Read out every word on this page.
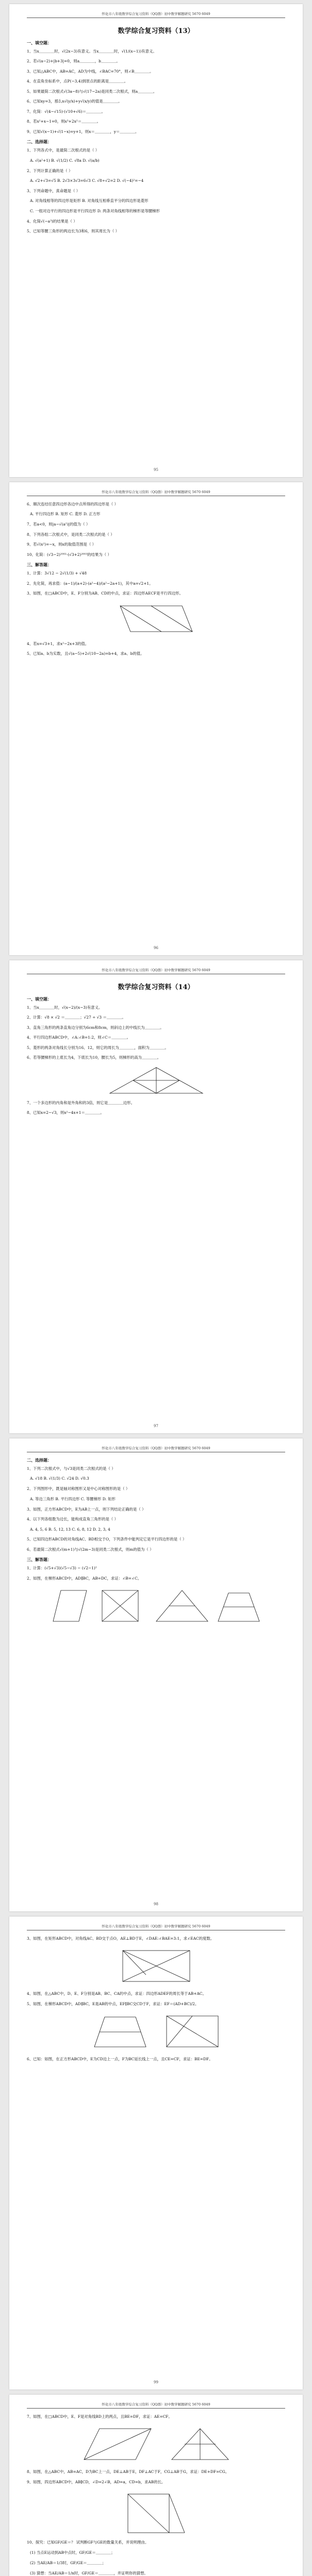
怀化市八年级数学综合复习资料（QQ群）初中数学解题研究 5670 6049
数学综合复习资料（13）
一、填空题：
1、当x＿＿＿＿时，√(2x−3)有意义。当x＿＿＿＿时，√(1/(x−1))有意义。
2、若√(a−2)+|b+3|=0，则a＿＿＿＿，b＿＿＿＿。
3、已知△ABC中，AB=AC，AD为中线，∠BAC=70°，则∠B＿＿＿＿。
4、在直角坐标系中，点P(−3,4)到原点的距离是＿＿＿＿。
5、如果最简二次根式√(3a−8)与√(17−2a)是同类二次根式，则a＿＿＿＿。
6、已知xy=3，那么x√(y/x)+y√(x/y)的值是＿＿＿＿。
7、化简：√(4−√15)·(√10+√6)＝＿＿＿＿。
8、若x²+x−1=0，则x³+2x²＝＿＿＿＿。
9、已知√(x−1)+√(1−x)=y+1，则x＝＿＿＿＿，y＝＿＿＿＿。
二、选择题：
1、下列各式中，是最简二次根式的是（ ）
A. √(a²+1) B. √(1/2) C. √8a D. √(a/b)
2、下列计算正确的是（ ）
A. √2+√3=√5 B. 2√3×3√3=6√3 C. √8÷√2=2 D. √(−4)²=−4
3、下列命题中，真命题是（ ）
A. 对角线相等的四边形是矩形 B. 对角线互相垂直平分的四边形是菱形
C. 一组对边平行的四边形是平行四边形 D. 两条对角线相等的梯形是等腰梯形
4、化简√(−a³)的结果是（ ）
5、已知等腰三角形的两边长为3和6，则其周长为（ ）
95
怀化市八年级数学综合复习资料（QQ群）初中数学解题研究 5670 6049
6、顺次连结任意四边形各边中点所得的四边形是（ ）
A. 平行四边形 B. 矩形 C. 菱形 D. 正方形
7、若a<0，则|a−√(a²)|的值为（ ）
8、下列各组二次根式中，是同类二次根式的是（ ）
9、若√(x²)=−x，则x的取值范围是（ ）
10、化简：(√3−2)²⁰⁰²·(√3+2)²⁰⁰³的结果为（ ）
三、解答题：
1、计算：3√12 − 2√(1/3) + √48
2、先化简，再求值：(a−1)/(a+2)·(a²−4)/(a²−2a+1)，其中a=√2+1。
3、如图，在□ABCD中，E、F分别为AB、CD的中点，求证：四边形AECF是平行四边形。
4、若x=√3+1，求x²−2x+3的值。
5、已知a、b为实数，且√(a−5)+2√(10−2a)=b+4，求a、b的值。
96
怀化市八年级数学综合复习资料（QQ群）初中数学解题研究 5670 6049
数学综合复习资料（14）
一、填空题：
1、当x＿＿＿＿时，√(x−2)/(x−3)有意义。
2、计算：√8 × √2 ＝＿＿＿＿；√27 ÷ √3 ＝＿＿＿＿。
3、直角三角形的两条直角边分别为6cm和8cm，则斜边上的中线长为＿＿＿＿。
4、平行四边形ABCD中，∠A:∠B=1:2，则∠C＝＿＿＿＿。
5、菱形的两条对角线长分别为16、12，则它的周长为＿＿＿＿，面积为＿＿＿＿。
6、若等腰梯形的上底长为4，下底长为10，腰长为5，则梯形的高为＿＿＿＿。
7、一个多边形的内角和是外角和的3倍，则它是＿＿＿＿边形。
8、已知x=2−√3，则x²−4x+1＝＿＿＿＿。
97
怀化市八年级数学综合复习资料（QQ群）初中数学解题研究 5670 6049
二、选择题：
1、下列二次根式中，与√3是同类二次根式的是（ ）
A. √18 B. √(1/3) C. √24 D. √0.3
2、下列图形中，既是轴对称图形又是中心对称图形的是（ ）
A. 等边三角形 B. 平行四边形 C. 等腰梯形 D. 矩形
3、如图，正方形ABCD中，E为AB上一点，则下列结论正确的是（ ）
4、以下列各组数为边长，能构成直角三角形的是（ ）
A. 4, 5, 6 B. 5, 12, 13 C. 6, 8, 12 D. 2, 3, 4
5、已知四边形ABCD的对角线AC、BD相交于O，下列条件中能判定它是平行四边形的是（ ）
6、若最简二次根式√(m+1)与√(2m−3)是同类二次根式，则m的值为（ ）
三、解答题：
1、计算：(√5+√3)(√5−√3) − (√2−1)²
2、如图，在梯形ABCD中，AD∥BC，AB=DC，求证：∠B=∠C。
98
怀化市八年级数学综合复习资料（QQ群）初中数学解题研究 5670 6049
3、如图，在矩形ABCD中，对角线AC、BD交于点O，AE⊥BD于E，∠DAE:∠BAE=3:1，求∠EAC的度数。
4、如图，在△ABC中，D、E、F分别是AB、BC、CA的中点，求证：四边形ADEF的周长等于AB+AC。
5、如图，在梯形ABCD中，AD∥BC，E是AB的中点，EF∥BC交CD于F，求证：EF＝(AD+BC)/2。
6、已知：如图，在正方形ABCD中，E为CD边上一点，F为BC延长线上一点，且CE=CF，求证：BE=DF。
99
怀化市八年级数学综合复习资料（QQ群）初中数学解题研究 5670 6049
7、如图，在□ABCD中，E、F是对角线BD上的两点，且BE=DF，求证：AE=CF。
8、如图，在△ABC中，AB=AC，D为BC上一点，DE⊥AB于E，DF⊥AC于F，CG⊥AB于G，求证：DE+DF=CG。
9、如图，四边形ABCD中，AB∥CD，∠D=2∠B，AD=a，CD=b，求AB的长。
10、探究：已知GF/GE＝？ 试判断GF与GE的数量关系，并说明理由。
(1) 当点E运动到AB中点时，GF/GE＝＿＿＿＿；
(2) 当AE/AB＝1/3时，GF/GE＝＿＿＿＿；
(3) 猜想：当AE/AB＝1/n时，GF/GE＝＿＿＿＿，并证明你的猜想。
